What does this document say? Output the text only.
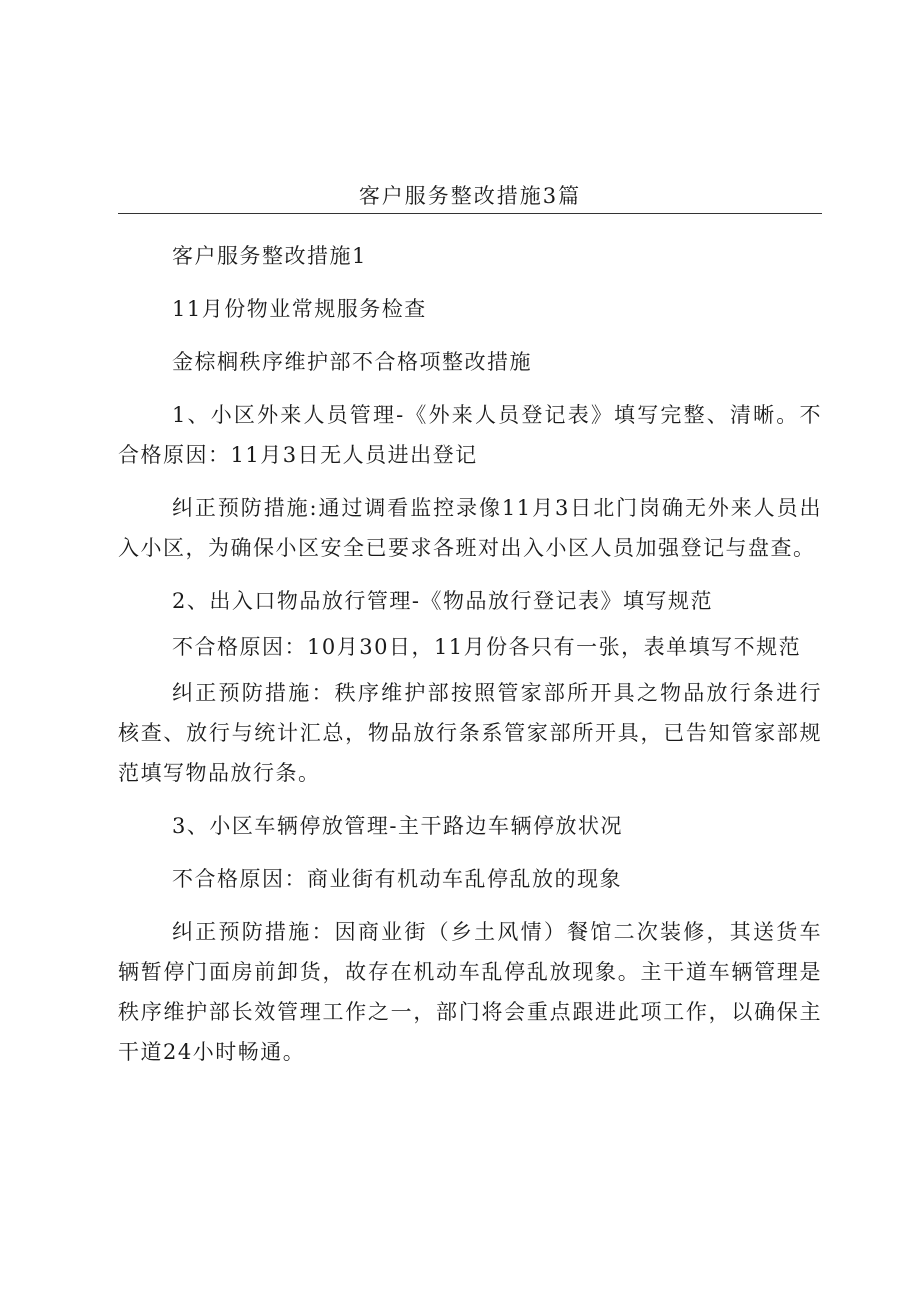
客户服务整改措施3篇

客户服务整改措施1

11月份物业常规服务检查

金棕榈秩序维护部不合格项整改措施

1、小区外来人员管理-《外来人员登记表》填写完整、清晰。不合格原因：11月3日无人员进出登记

纠正预防措施:通过调看监控录像11月3日北门岗确无外来人员出入小区，为确保小区安全已要求各班对出入小区人员加强登记与盘查。

2、出入口物品放行管理-《物品放行登记表》填写规范

不合格原因：10月30日，11月份各只有一张，表单填写不规范

纠正预防措施：秩序维护部按照管家部所开具之物品放行条进行核查、放行与统计汇总，物品放行条系管家部所开具，已告知管家部规范填写物品放行条。

3、小区车辆停放管理-主干路边车辆停放状况

不合格原因：商业街有机动车乱停乱放的现象

纠正预防措施：因商业街（乡土风情）餐馆二次装修，其送货车辆暂停门面房前卸货，故存在机动车乱停乱放现象。主干道车辆管理是秩序维护部长效管理工作之一，部门将会重点跟进此项工作，以确保主干道24小时畅通。
